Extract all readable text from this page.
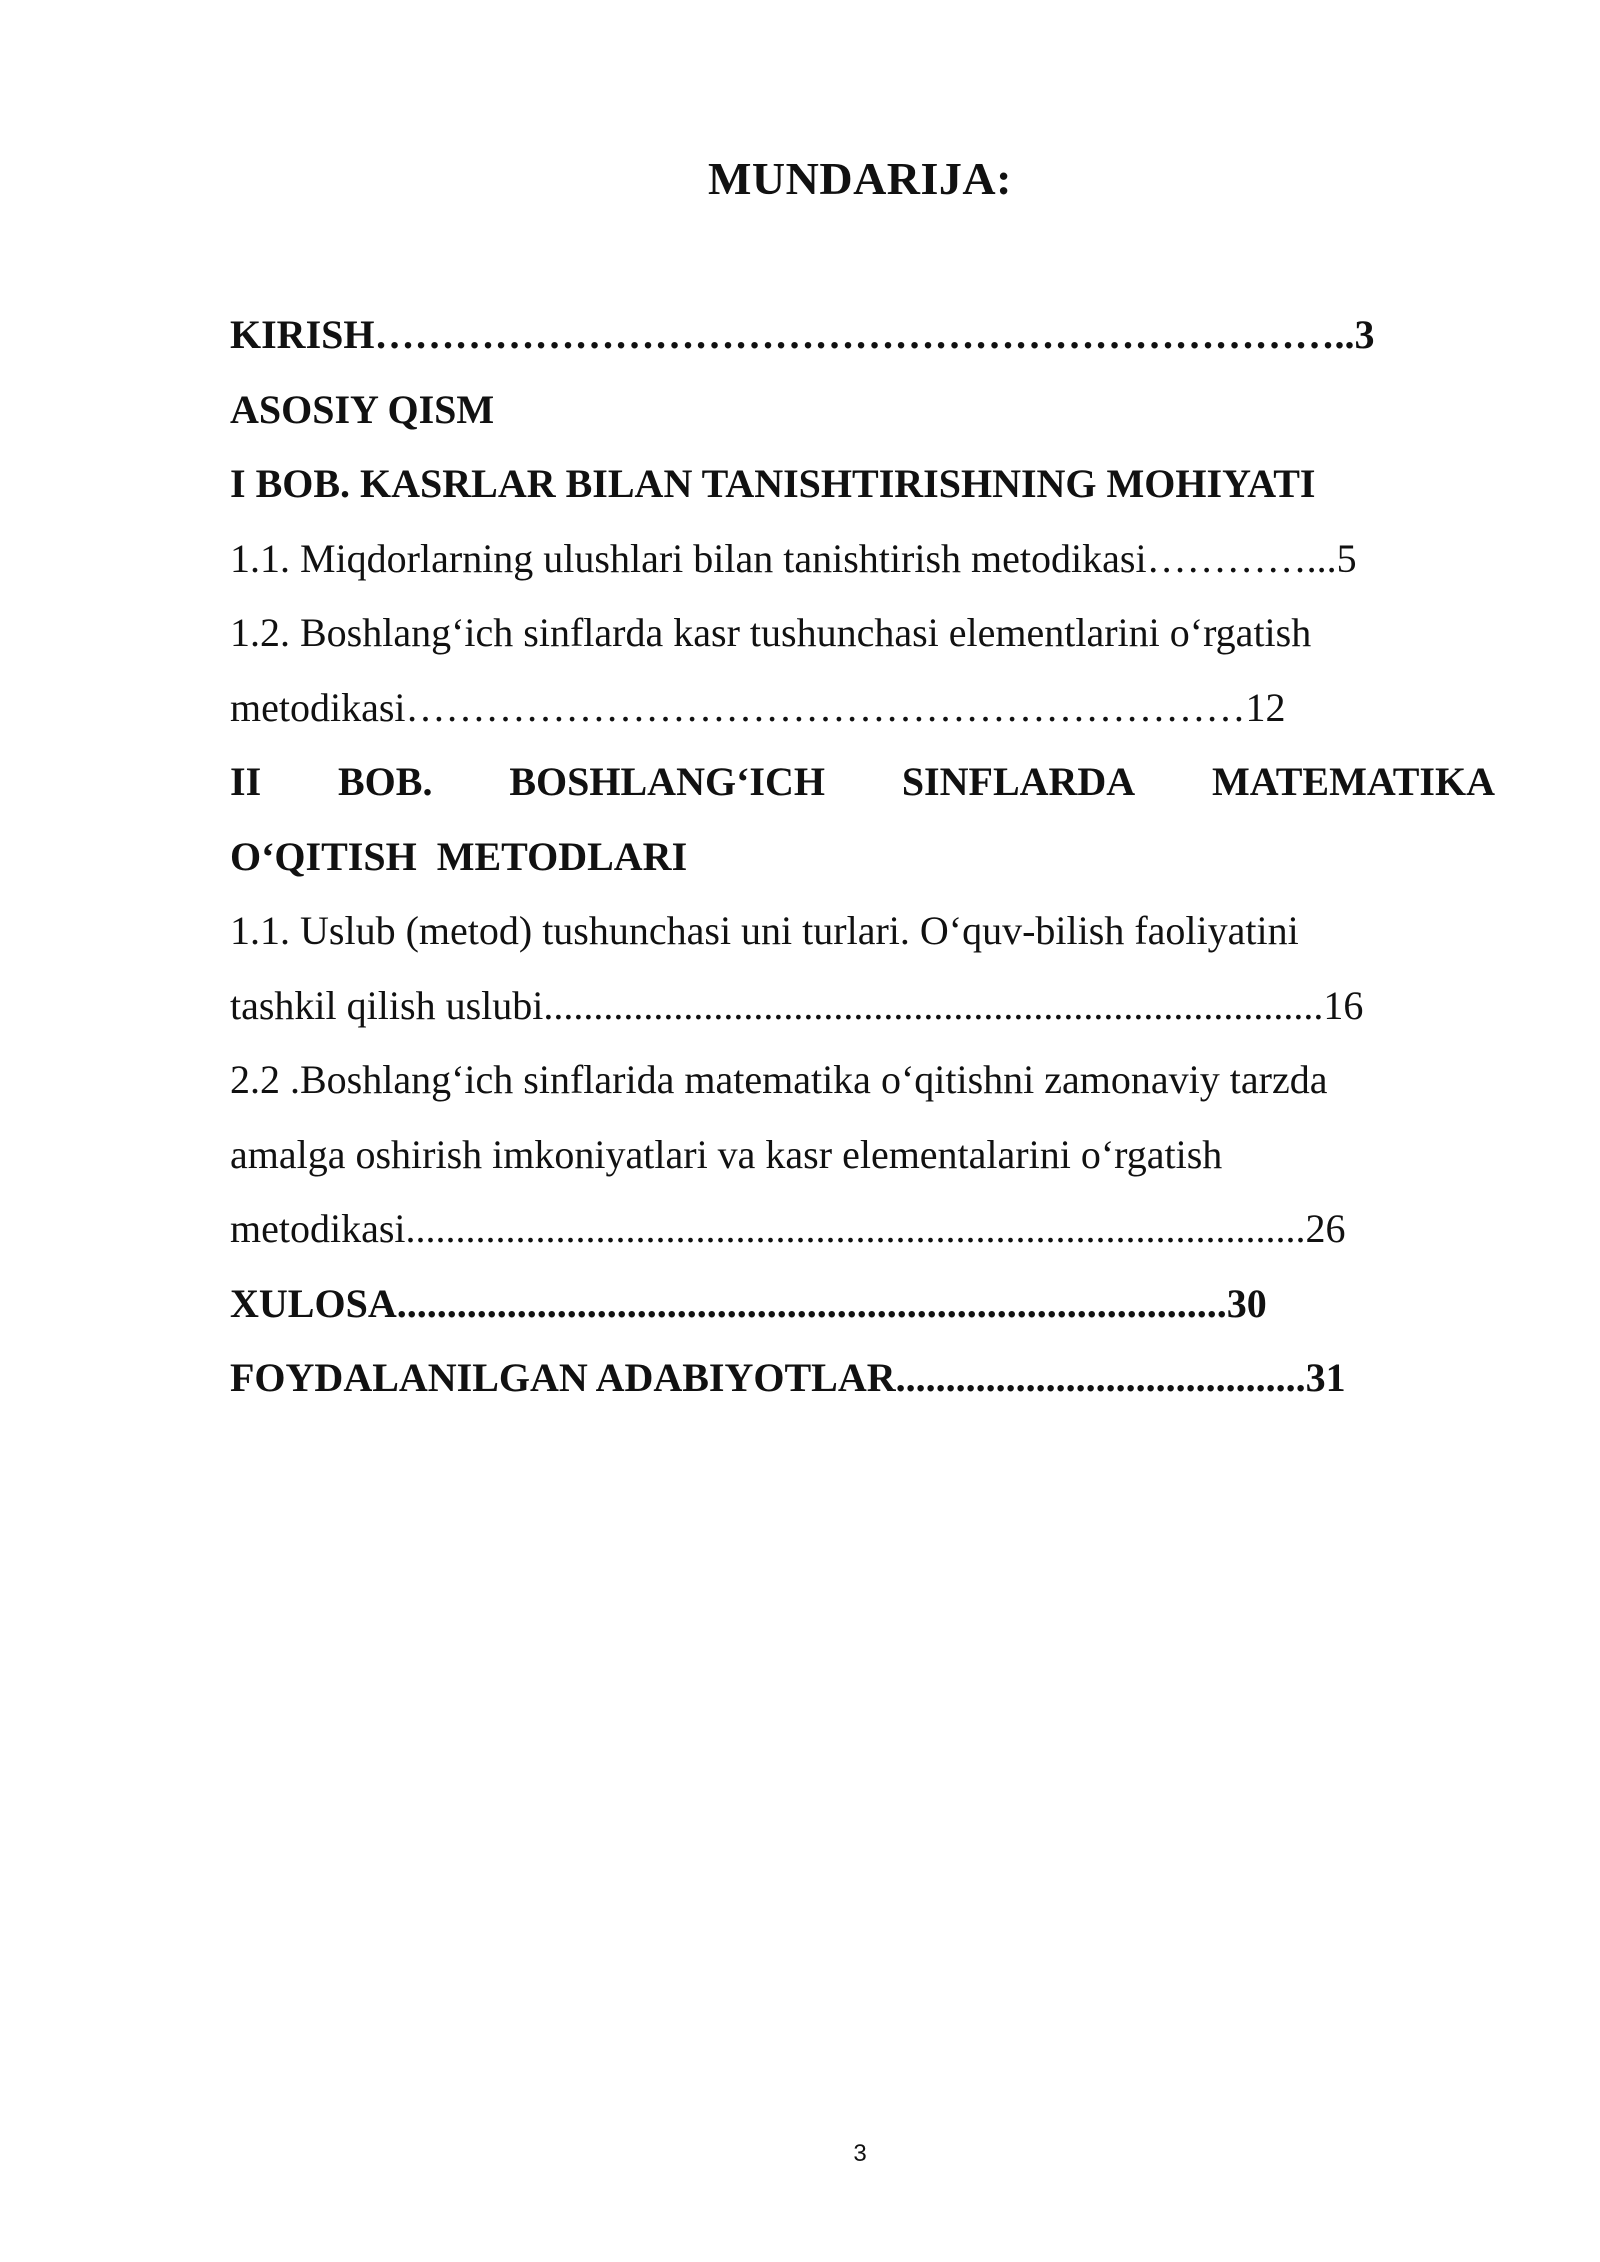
MUNDARIJA:
KIRISH………………………………………………………………..3
ASOSIY QISM
I BOB. KASRLAR BILAN TANISHTIRISHNING MOHIYATI
1.1. Miqdorlarning ulushlari bilan tanishtirish metodikasi…………...5
1.2. Boshlang‘ich sinflarda kasr tushunchasi elementlarini o‘rgatish
metodikasi………………………………………………………12
II BOB. BOSHLANG‘ICH SINFLARDA MATEMATIKA
O‘QITISH  METODLARI
1.1. Uslub (metod) tushunchasi uni turlari. O‘quv-bilish faoliyatini
tashkil qilish uslubi..............................................................................16
2.2 .Boshlang‘ich sinflarida matematika o‘qitishni zamonaviy tarzda
amalga oshirish imkoniyatlari va kasr elementalarini o‘rgatish
metodikasi..........................................................................................26
XULOSA...................................................................................30
FOYDALANILGAN ADABIYOTLAR.........................................31
3
